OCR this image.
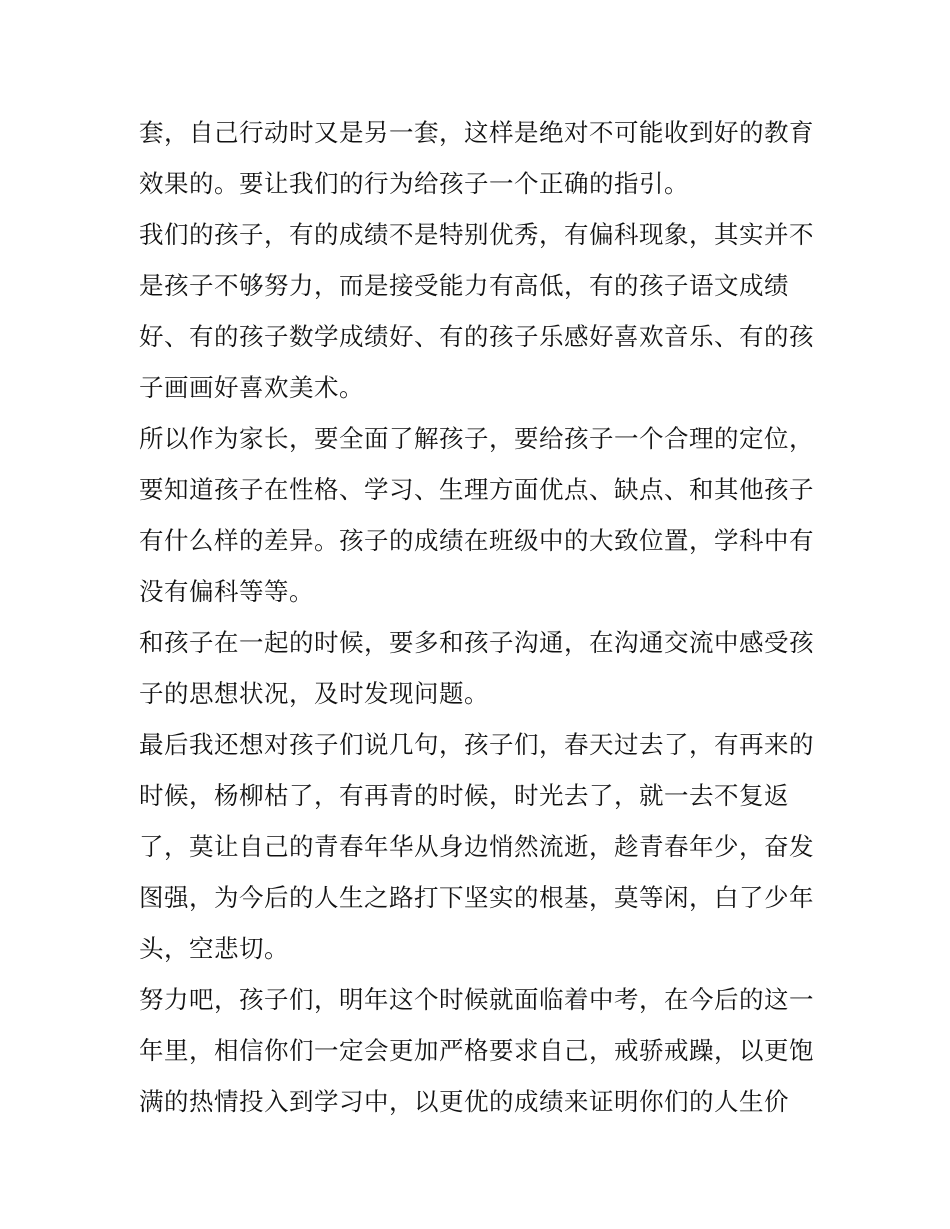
套，自己行动时又是另一套，这样是绝对不可能收到好的教育
效果的。要让我们的行为给孩子一个正确的指引。
我们的孩子，有的成绩不是特别优秀，有偏科现象，其实并不
是孩子不够努力，而是接受能力有高低，有的孩子语文成绩
好、有的孩子数学成绩好、有的孩子乐感好喜欢音乐、有的孩
子画画好喜欢美术。
所以作为家长，要全面了解孩子，要给孩子一个合理的定位，
要知道孩子在性格、学习、生理方面优点、缺点、和其他孩子
有什么样的差异。孩子的成绩在班级中的大致位置，学科中有
没有偏科等等。
和孩子在一起的时候，要多和孩子沟通，在沟通交流中感受孩
子的思想状况，及时发现问题。
最后我还想对孩子们说几句，孩子们，春天过去了，有再来的
时候，杨柳枯了，有再青的时候，时光去了，就一去不复返
了，莫让自己的青春年华从身边悄然流逝，趁青春年少，奋发
图强，为今后的人生之路打下坚实的根基，莫等闲，白了少年
头，空悲切。
努力吧，孩子们，明年这个时候就面临着中考，在今后的这一
年里，相信你们一定会更加严格要求自己，戒骄戒躁，以更饱
满的热情投入到学习中，以更优的成绩来证明你们的人生价
